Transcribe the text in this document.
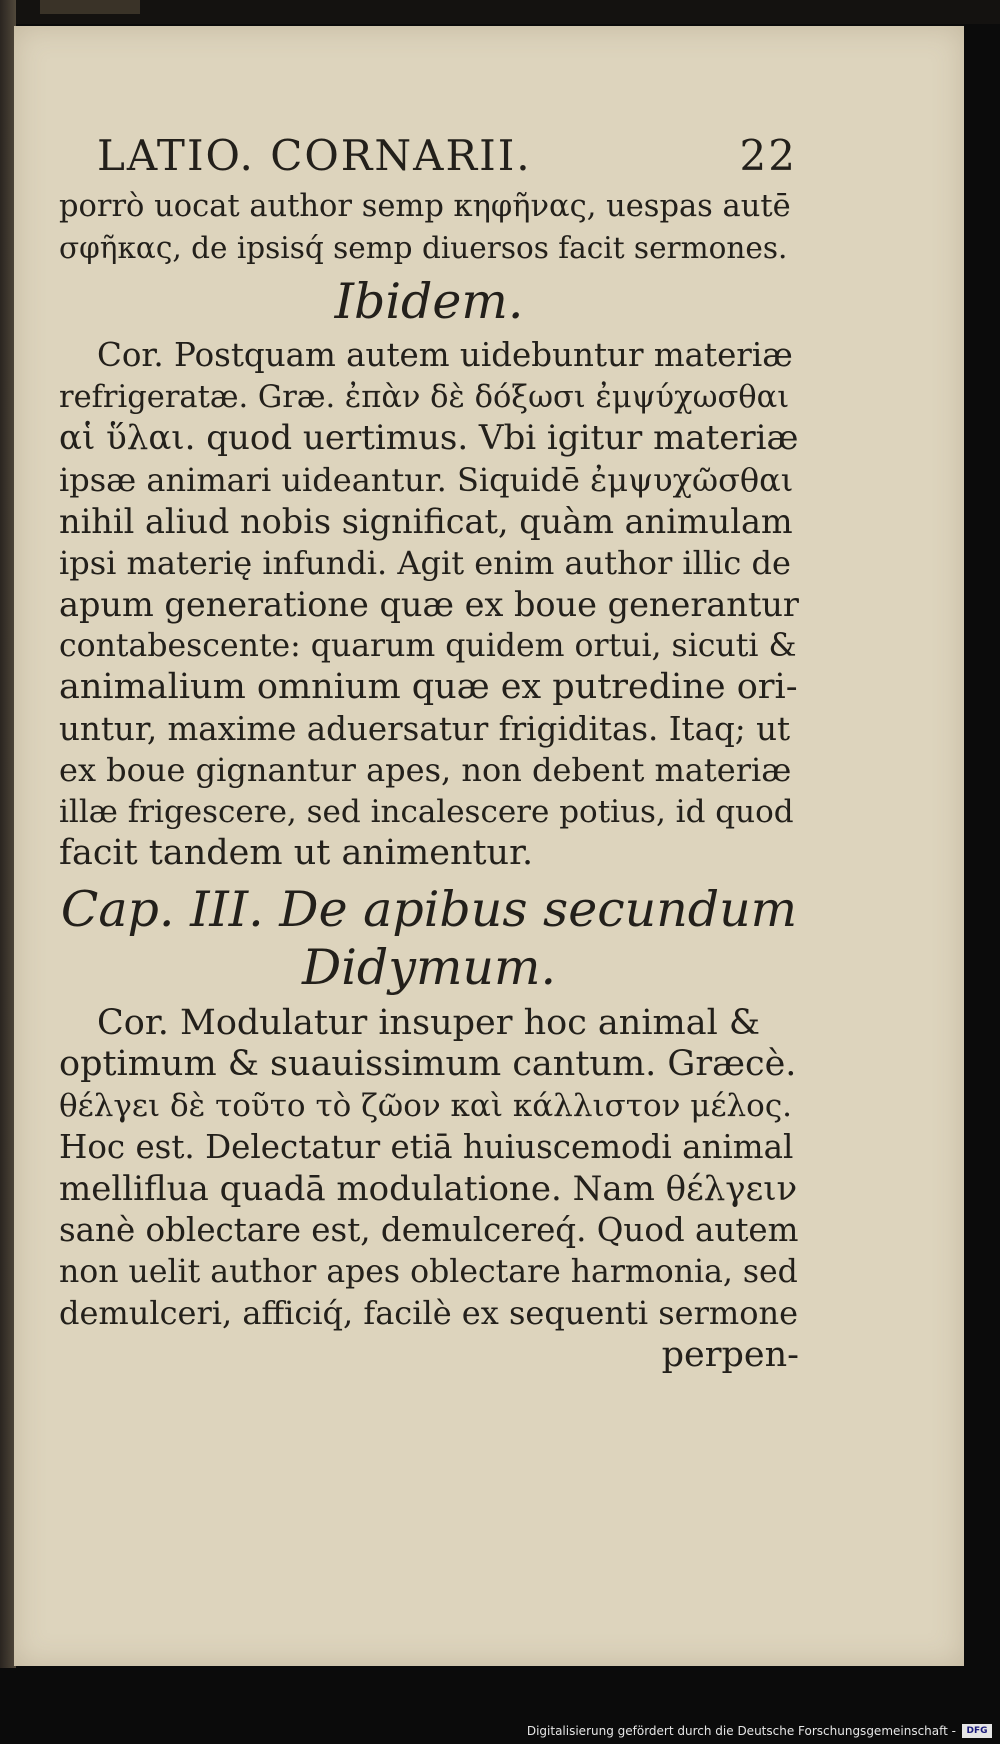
LATIO. CORNARII.	22
porrò uocat author semp κηφῆνας, uespas autē
σφῆκας, de ipsisq́ semp diuersos facit sermones.
Ibidem.
Cor. Postquam autem uidebuntur materiæ
refrigeratæ. Græ. ἐπὰν δὲ δόξωσι ἐμψύχωσθαι
αἱ ὕλαι. quod uertimus. Vbi igitur materiæ
ipsæ animari uideantur. Siquidē ἐμψυχῶσθαι
nihil aliud nobis significat, quàm animulam
ipsi materię infundi. Agit enim author illic de
apum generatione quæ ex boue generantur
contabescente: quarum quidem ortui, sicuti &
animalium omnium quæ ex putredine ori-
untur, maxime aduersatur frigiditas. Itaq; ut
ex boue gignantur apes, non debent materiæ
illæ frigescere, sed incalescere potius, id quod
facit tandem ut animentur.
Cap. III. De apibus secundum
Didymum.
Cor. Modulatur insuper hoc animal &
optimum & suauissimum cantum. Græcè.
θέλγει δὲ τοῦτο τὸ ζῶον καὶ κάλλιστον μέλος.
Hoc est. Delectatur etiā huiuscemodi animal
melliflua quadā modulatione. Nam θέλγειν
sanè oblectare est, demulcereq́. Quod autem
non uelit author apes oblectare harmonia, sed
demulceri, afficiq́, facilè ex sequenti sermone
perpen-
Digitalisierung gefördert durch die Deutsche Forschungsgemeinschaft -	DFG
